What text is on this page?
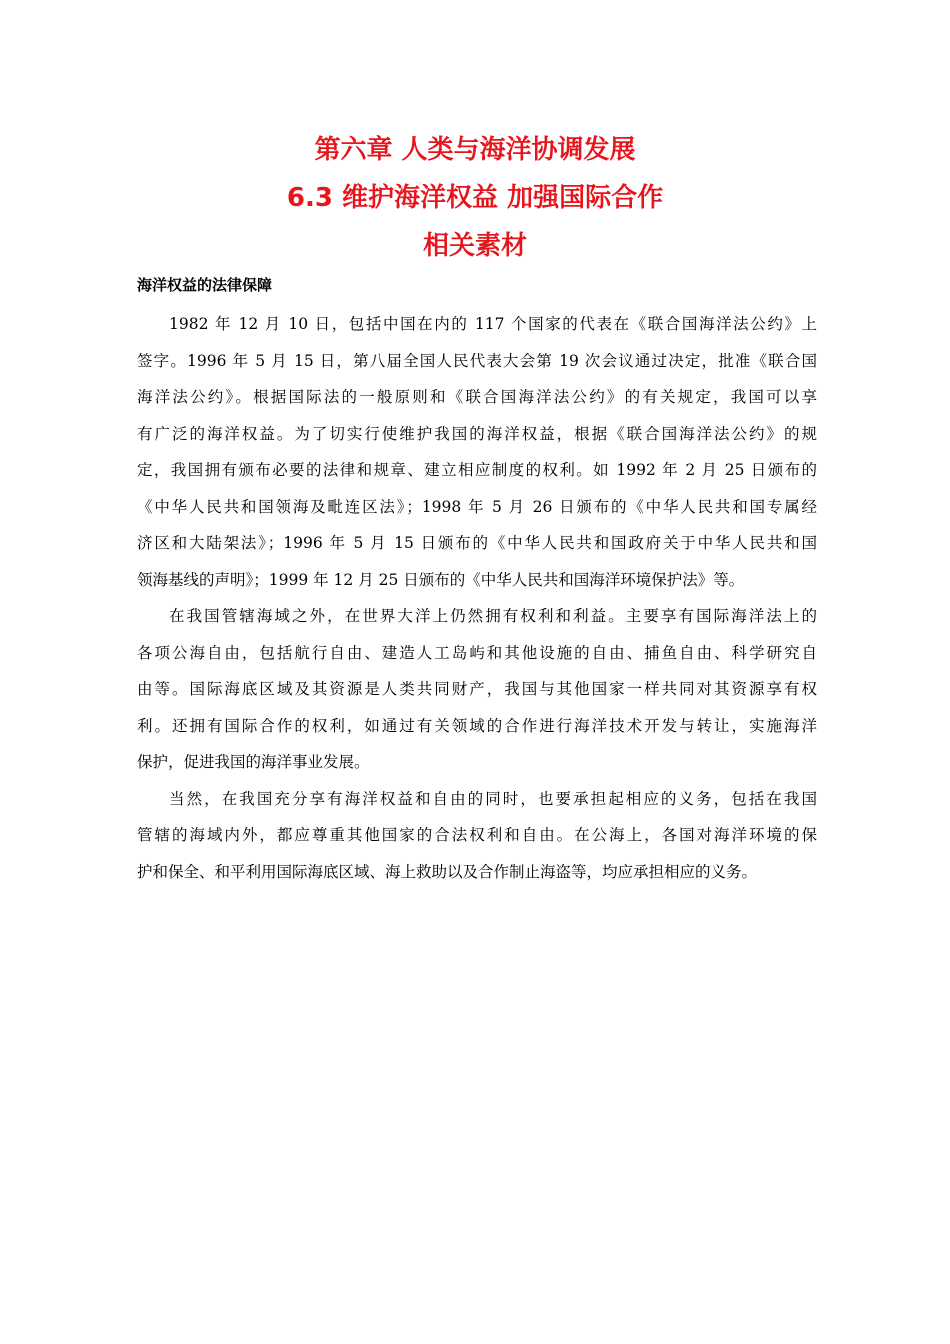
第六章 人类与海洋协调发展
6.3 维护海洋权益 加强国际合作
相关素材
海洋权益的法律保障
1982 年 12 月 10 日，包括中国在内的 117 个国家的代表在《联合国海洋法公约》上
签字。1996 年 5 月 15 日，第八届全国人民代表大会第 19 次会议通过决定，批准《联合国
海洋法公约》。根据国际法的一般原则和《联合国海洋法公约》的有关规定，我国可以享
有广泛的海洋权益。为了切实行使维护我国的海洋权益，根据《联合国海洋法公约》的规
定，我国拥有颁布必要的法律和规章、建立相应制度的权利。如 1992 年 2 月 25 日颁布的
《中华人民共和国领海及毗连区法》；1998 年 5 月 26 日颁布的《中华人民共和国专属经
济区和大陆架法》；1996 年 5 月 15 日颁布的《中华人民共和国政府关于中华人民共和国
领海基线的声明》；1999 年 12 月 25 日颁布的《中华人民共和国海洋环境保护法》等。
在我国管辖海域之外，在世界大洋上仍然拥有权利和利益。主要享有国际海洋法上的
各项公海自由，包括航行自由、建造人工岛屿和其他设施的自由、捕鱼自由、科学研究自
由等。国际海底区域及其资源是人类共同财产，我国与其他国家一样共同对其资源享有权
利。还拥有国际合作的权利，如通过有关领域的合作进行海洋技术开发与转让，实施海洋
保护，促进我国的海洋事业发展。
当然，在我国充分享有海洋权益和自由的同时，也要承担起相应的义务，包括在我国
管辖的海域内外，都应尊重其他国家的合法权利和自由。在公海上，各国对海洋环境的保
护和保全、和平利用国际海底区域、海上救助以及合作制止海盗等，均应承担相应的义务。
